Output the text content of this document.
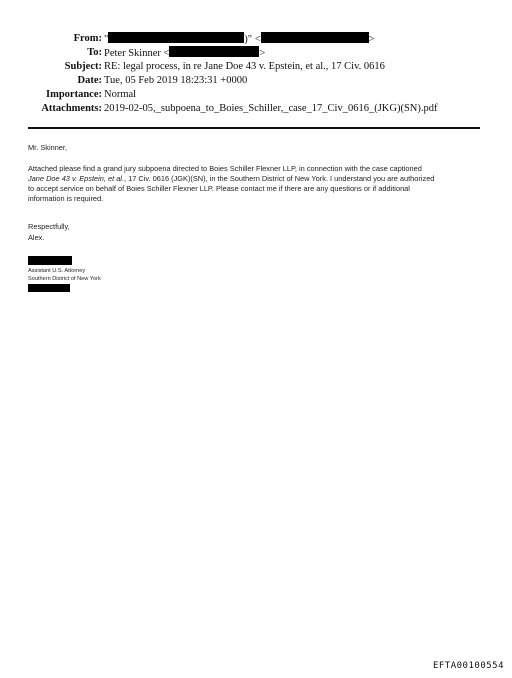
From: "	)" <	>
To: Peter Skinner <	>
Subject: RE: legal process, in re Jane Doe 43 v. Epstein, et al., 17 Civ. 0616
Date: Tue, 05 Feb 2019 18:23:31 +0000
Importance: Normal
Attachments: 2019-02-05,_subpoena_to_Boies_Schiller,_case_17_Civ_0616_(JKG)(SN).pdf
Mr. Skinner,
Attached please find a grand jury subpoena directed to Boies Schiller Flexner LLP, in connection with the case captioned
Jane Doe 43 v. Epstein, et al., 17 Civ. 0616 (JGK)(SN), in the Southern District of New York. I understand you are authorized
to accept service on behalf of Boies Schiller Flexner LLP. Please contact me if there are any questions or if additional
information is required.
Respectfully,
Alex.
Assistant U.S. Attorney
Southern District of New York
EFTA00100554
